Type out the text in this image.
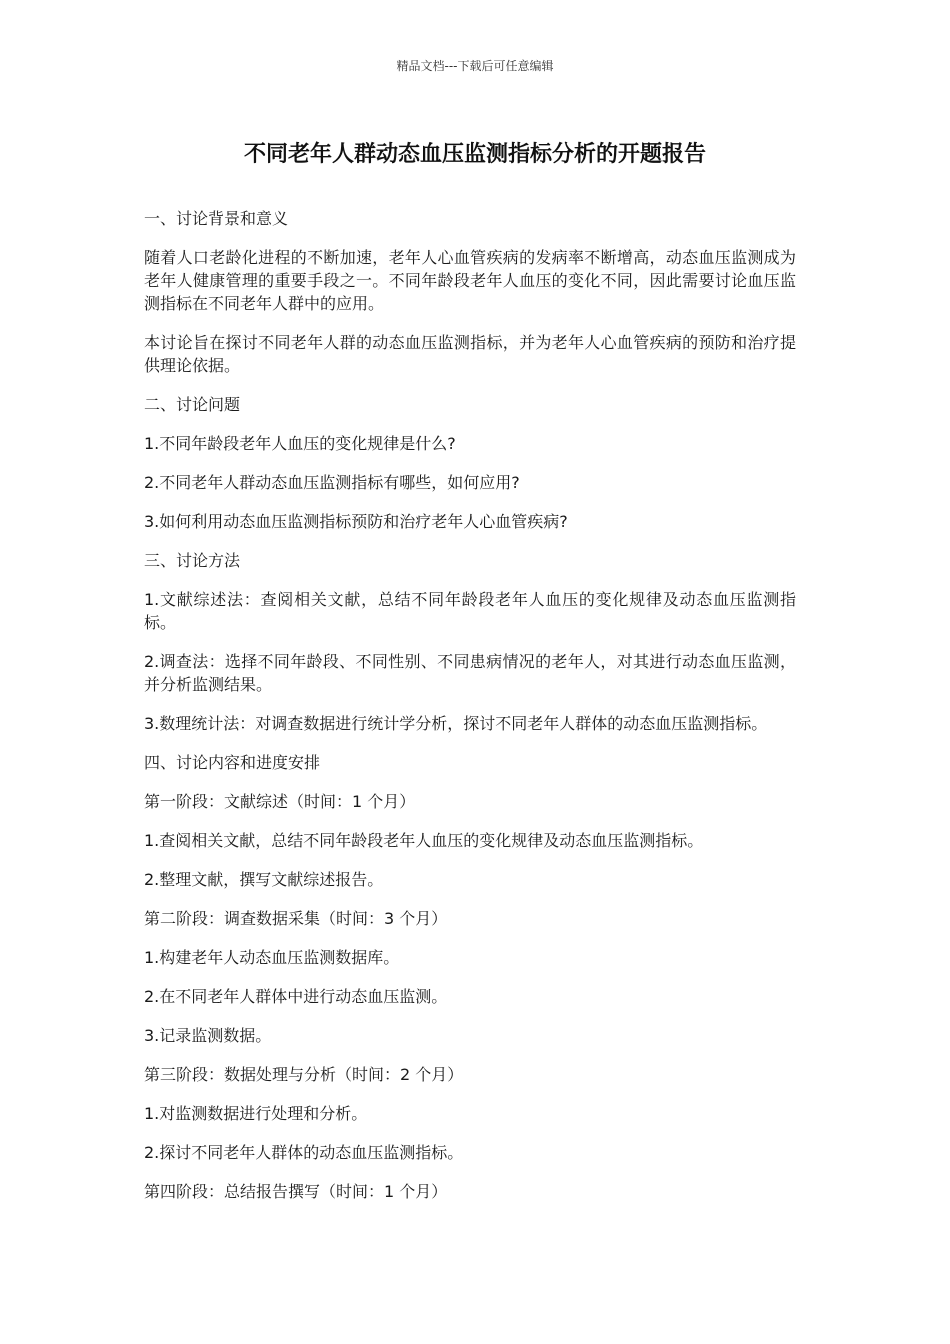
精品文档---下载后可任意编辑
不同老年人群动态血压监测指标分析的开题报告

一、讨论背景和意义

随着人口老龄化进程的不断加速，老年人心血管疾病的发病率不断增高，动态血压监测成为老年人健康管理的重要手段之一。不同年龄段老年人血压的变化不同，因此需要讨论血压监测指标在不同老年人群中的应用。

本讨论旨在探讨不同老年人群的动态血压监测指标，并为老年人心血管疾病的预防和治疗提供理论依据。

二、讨论问题

1.不同年龄段老年人血压的变化规律是什么?

2.不同老年人群动态血压监测指标有哪些，如何应用?

3.如何利用动态血压监测指标预防和治疗老年人心血管疾病?

三、讨论方法

1.文献综述法：查阅相关文献，总结不同年龄段老年人血压的变化规律及动态血压监测指标。

2.调查法：选择不同年龄段、不同性别、不同患病情况的老年人，对其进行动态血压监测，并分析监测结果。

3.数理统计法：对调查数据进行统计学分析，探讨不同老年人群体的动态血压监测指标。

四、讨论内容和进度安排

第一阶段：文献综述（时间：1 个月）

1.查阅相关文献，总结不同年龄段老年人血压的变化规律及动态血压监测指标。

2.整理文献，撰写文献综述报告。

第二阶段：调查数据采集（时间：3 个月）

1.构建老年人动态血压监测数据库。

2.在不同老年人群体中进行动态血压监测。

3.记录监测数据。

第三阶段：数据处理与分析（时间：2 个月）

1.对监测数据进行处理和分析。

2.探讨不同老年人群体的动态血压监测指标。

第四阶段：总结报告撰写（时间：1 个月）
